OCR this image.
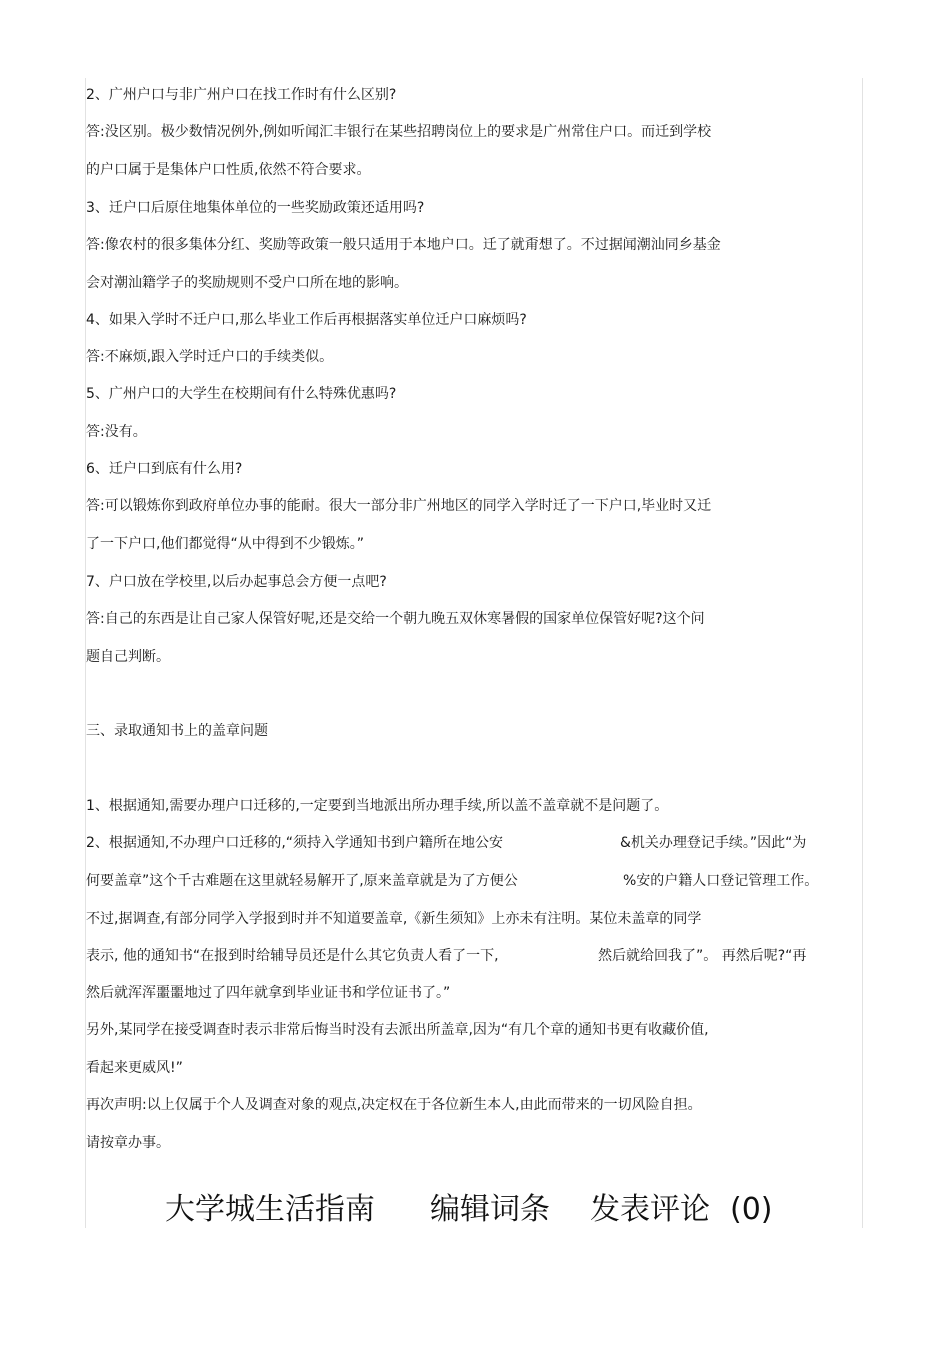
2、广州户口与非广州户口在找工作时有什么区别?
答:没区别。极少数情况例外,例如听闻汇丰银行在某些招聘岗位上的要求是广州常住户口。而迁到学校
的户口属于是集体户口性质,依然不符合要求。
3、迁户口后原住地集体单位的一些奖励政策还适用吗?
答:像农村的很多集体分红、奖励等政策一般只适用于本地户口。迁了就甭想了。不过据闻潮汕同乡基金
会对潮汕籍学子的奖励规则不受户口所在地的影响。
4、如果入学时不迁户口,那么毕业工作后再根据落实单位迁户口麻烦吗?
答:不麻烦,跟入学时迁户口的手续类似。
5、广州户口的大学生在校期间有什么特殊优惠吗?
答:没有。
6、迁户口到底有什么用?
答:可以锻炼你到政府单位办事的能耐。很大一部分非广州地区的同学入学时迁了一下户口,毕业时又迁
了一下户口,他们都觉得“从中得到不少锻炼。”
7、户口放在学校里,以后办起事总会方便一点吧?
答:自己的东西是让自己家人保管好呢,还是交给一个朝九晚五双休寒暑假的国家单位保管好呢?这个问
题自己判断。
三、录取通知书上的盖章问题
1、根据通知,需要办理户口迁移的,一定要到当地派出所办理手续,所以盖不盖章就不是问题了。
2、根据通知,不办理户口迁移的,“须持入学通知书到户籍所在地公安	&机关办理登记手续。”因此“为
何要盖章”这个千古难题在这里就轻易解开了,原来盖章就是为了方便公	%安的户籍人口登记管理工作。
不过,据调查,有部分同学入学报到时并不知道要盖章,《新生须知》上亦未有注明。某位未盖章的同学
表示, 他的通知书“在报到时给辅导员还是什么其它负责人看了一下,	然后就给回我了”。 再然后呢?“再
然后就浑浑噩噩地过了四年就拿到毕业证书和学位证书了。”
另外,某同学在接受调查时表示非常后悔当时没有去派出所盖章,因为“有几个章的通知书更有收藏价值,
看起来更威风!”
再次声明:以上仅属于个人及调查对象的观点,决定权在于各位新生本人,由此而带来的一切风险自担。
请按章办事。
大学城生活指南 编辑词条 发表评论 (0)
